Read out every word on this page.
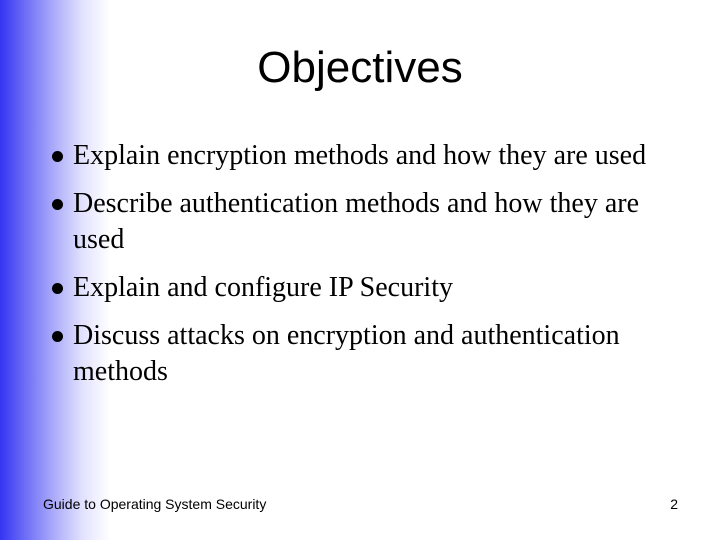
Objectives
Explain encryption methods and how they are used
Describe authentication methods and how they are used
Explain and configure IP Security
Discuss attacks on encryption and authentication methods
Guide to Operating System Security	2
